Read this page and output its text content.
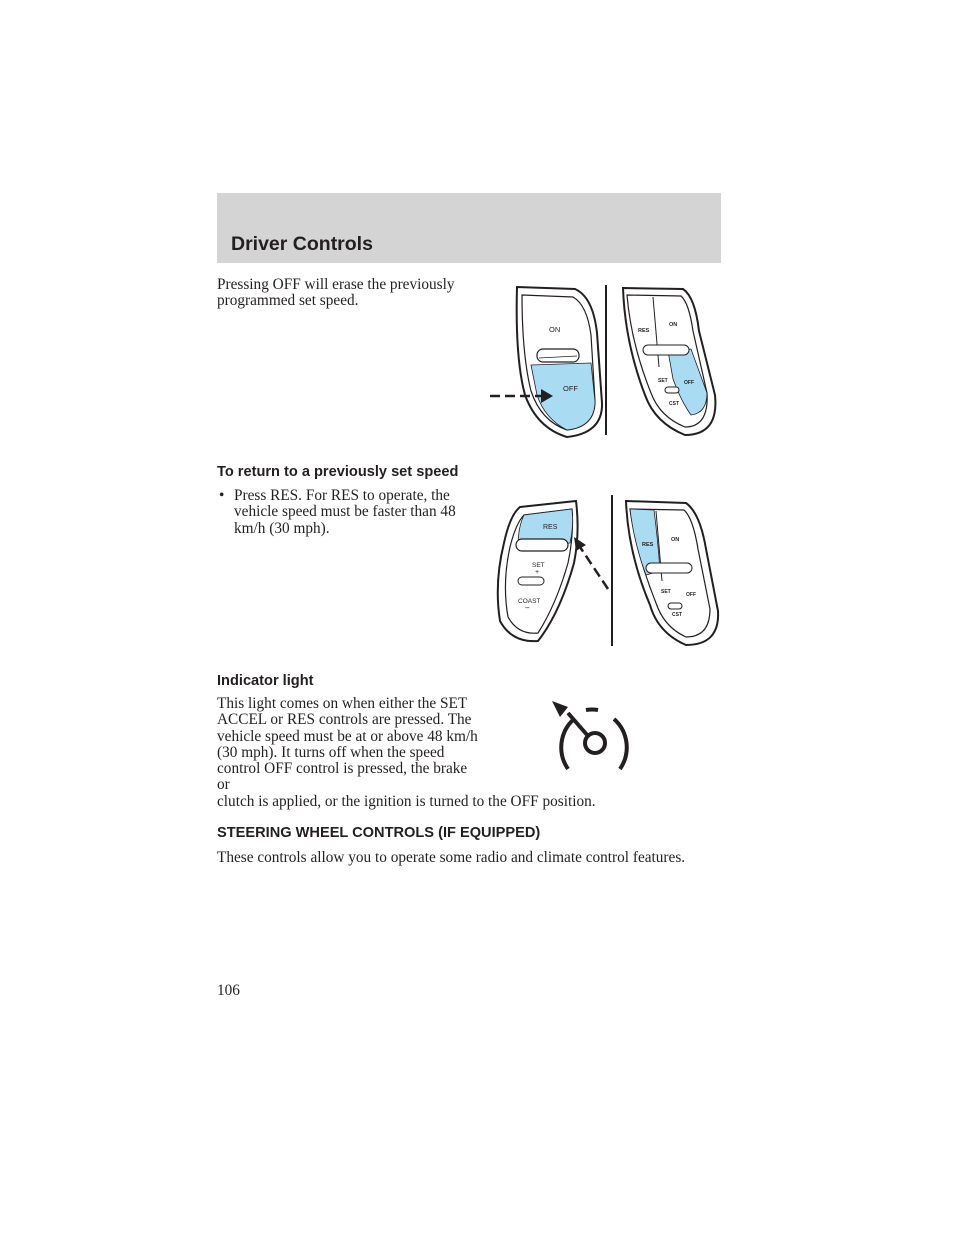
Driver Controls

Pressing OFF will erase the previously programmed set speed.

ON
OFF
RES
ON
SET	OFF
CST
To return to a previously set speed
• Press RES. For RES to operate, the vehicle speed must be faster than 48 km/h (30 mph).	RES
SET
+
COAST
–
RES
ON
SET	OFF
CST
Indicator light

This light comes on when either the SET ACCEL or RES controls are pressed. The vehicle speed must be at or above 48 km/h (30 mph). It turns off when the speed control OFF control is pressed, the brake or

clutch is applied, or the ignition is turned to the OFF position.

STEERING WHEEL CONTROLS (IF EQUIPPED)

These controls allow you to operate some radio and climate control features.

106
